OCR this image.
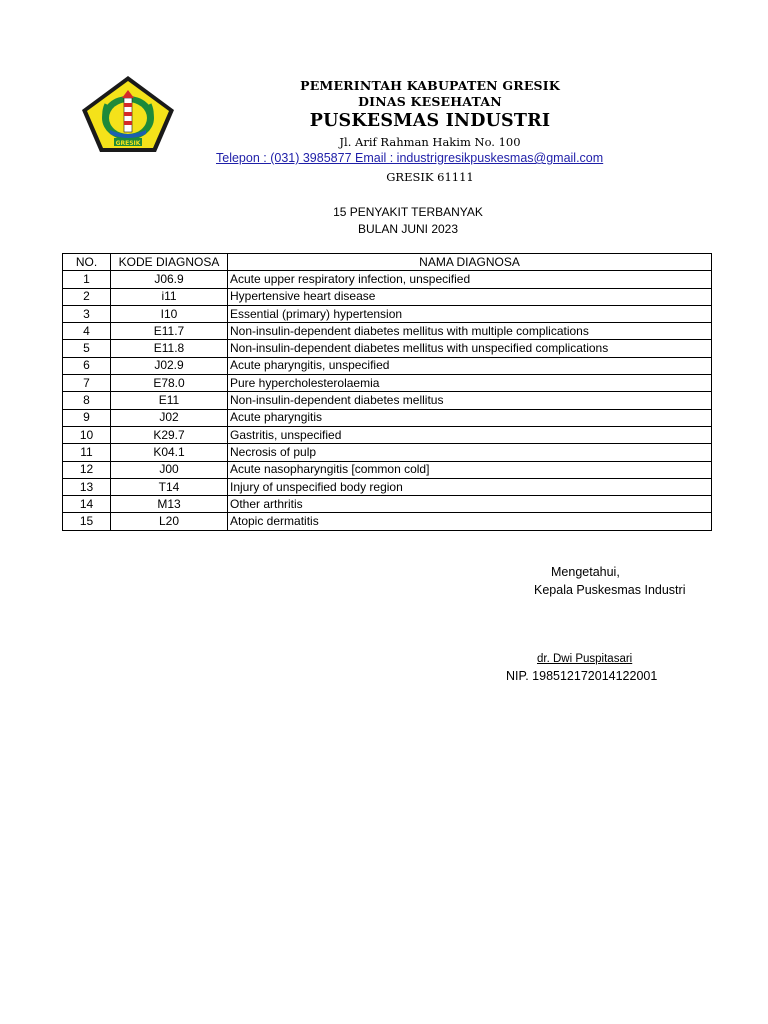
GRESIK
PEMERINTAH KABUPATEN GRESIK
DINAS KESEHATAN
PUSKESMAS INDUSTRI
Jl. Arif Rahman Hakim No. 100
Telepon : (031) 3985877 Email : industrigresikpuskesmas@gmail.com
GRESIK 61111
15 PENYAKIT TERBANYAK
BULAN JUNI 2023
NO.	KODE DIAGNOSA	NAMA DIAGNOSA
1	J06.9	Acute upper respiratory infection, unspecified
2	i11	Hypertensive heart disease
3	I10	Essential (primary) hypertension
4	E11.7	Non-insulin-dependent diabetes mellitus with multiple complications
5	E11.8	Non-insulin-dependent diabetes mellitus with unspecified complications
6	J02.9	Acute pharyngitis, unspecified
7	E78.0	Pure hypercholesterolaemia
8	E11	Non-insulin-dependent diabetes mellitus
9	J02	Acute pharyngitis
10	K29.7	Gastritis, unspecified
11	K04.1	Necrosis of pulp
12	J00	Acute nasopharyngitis [common cold]
13	T14	Injury of unspecified body region
14	M13	Other arthritis
15	L20	Atopic dermatitis
Mengetahui,
Kepala Puskesmas Industri
dr. Dwi Puspitasari
NIP. 198512172014122001
